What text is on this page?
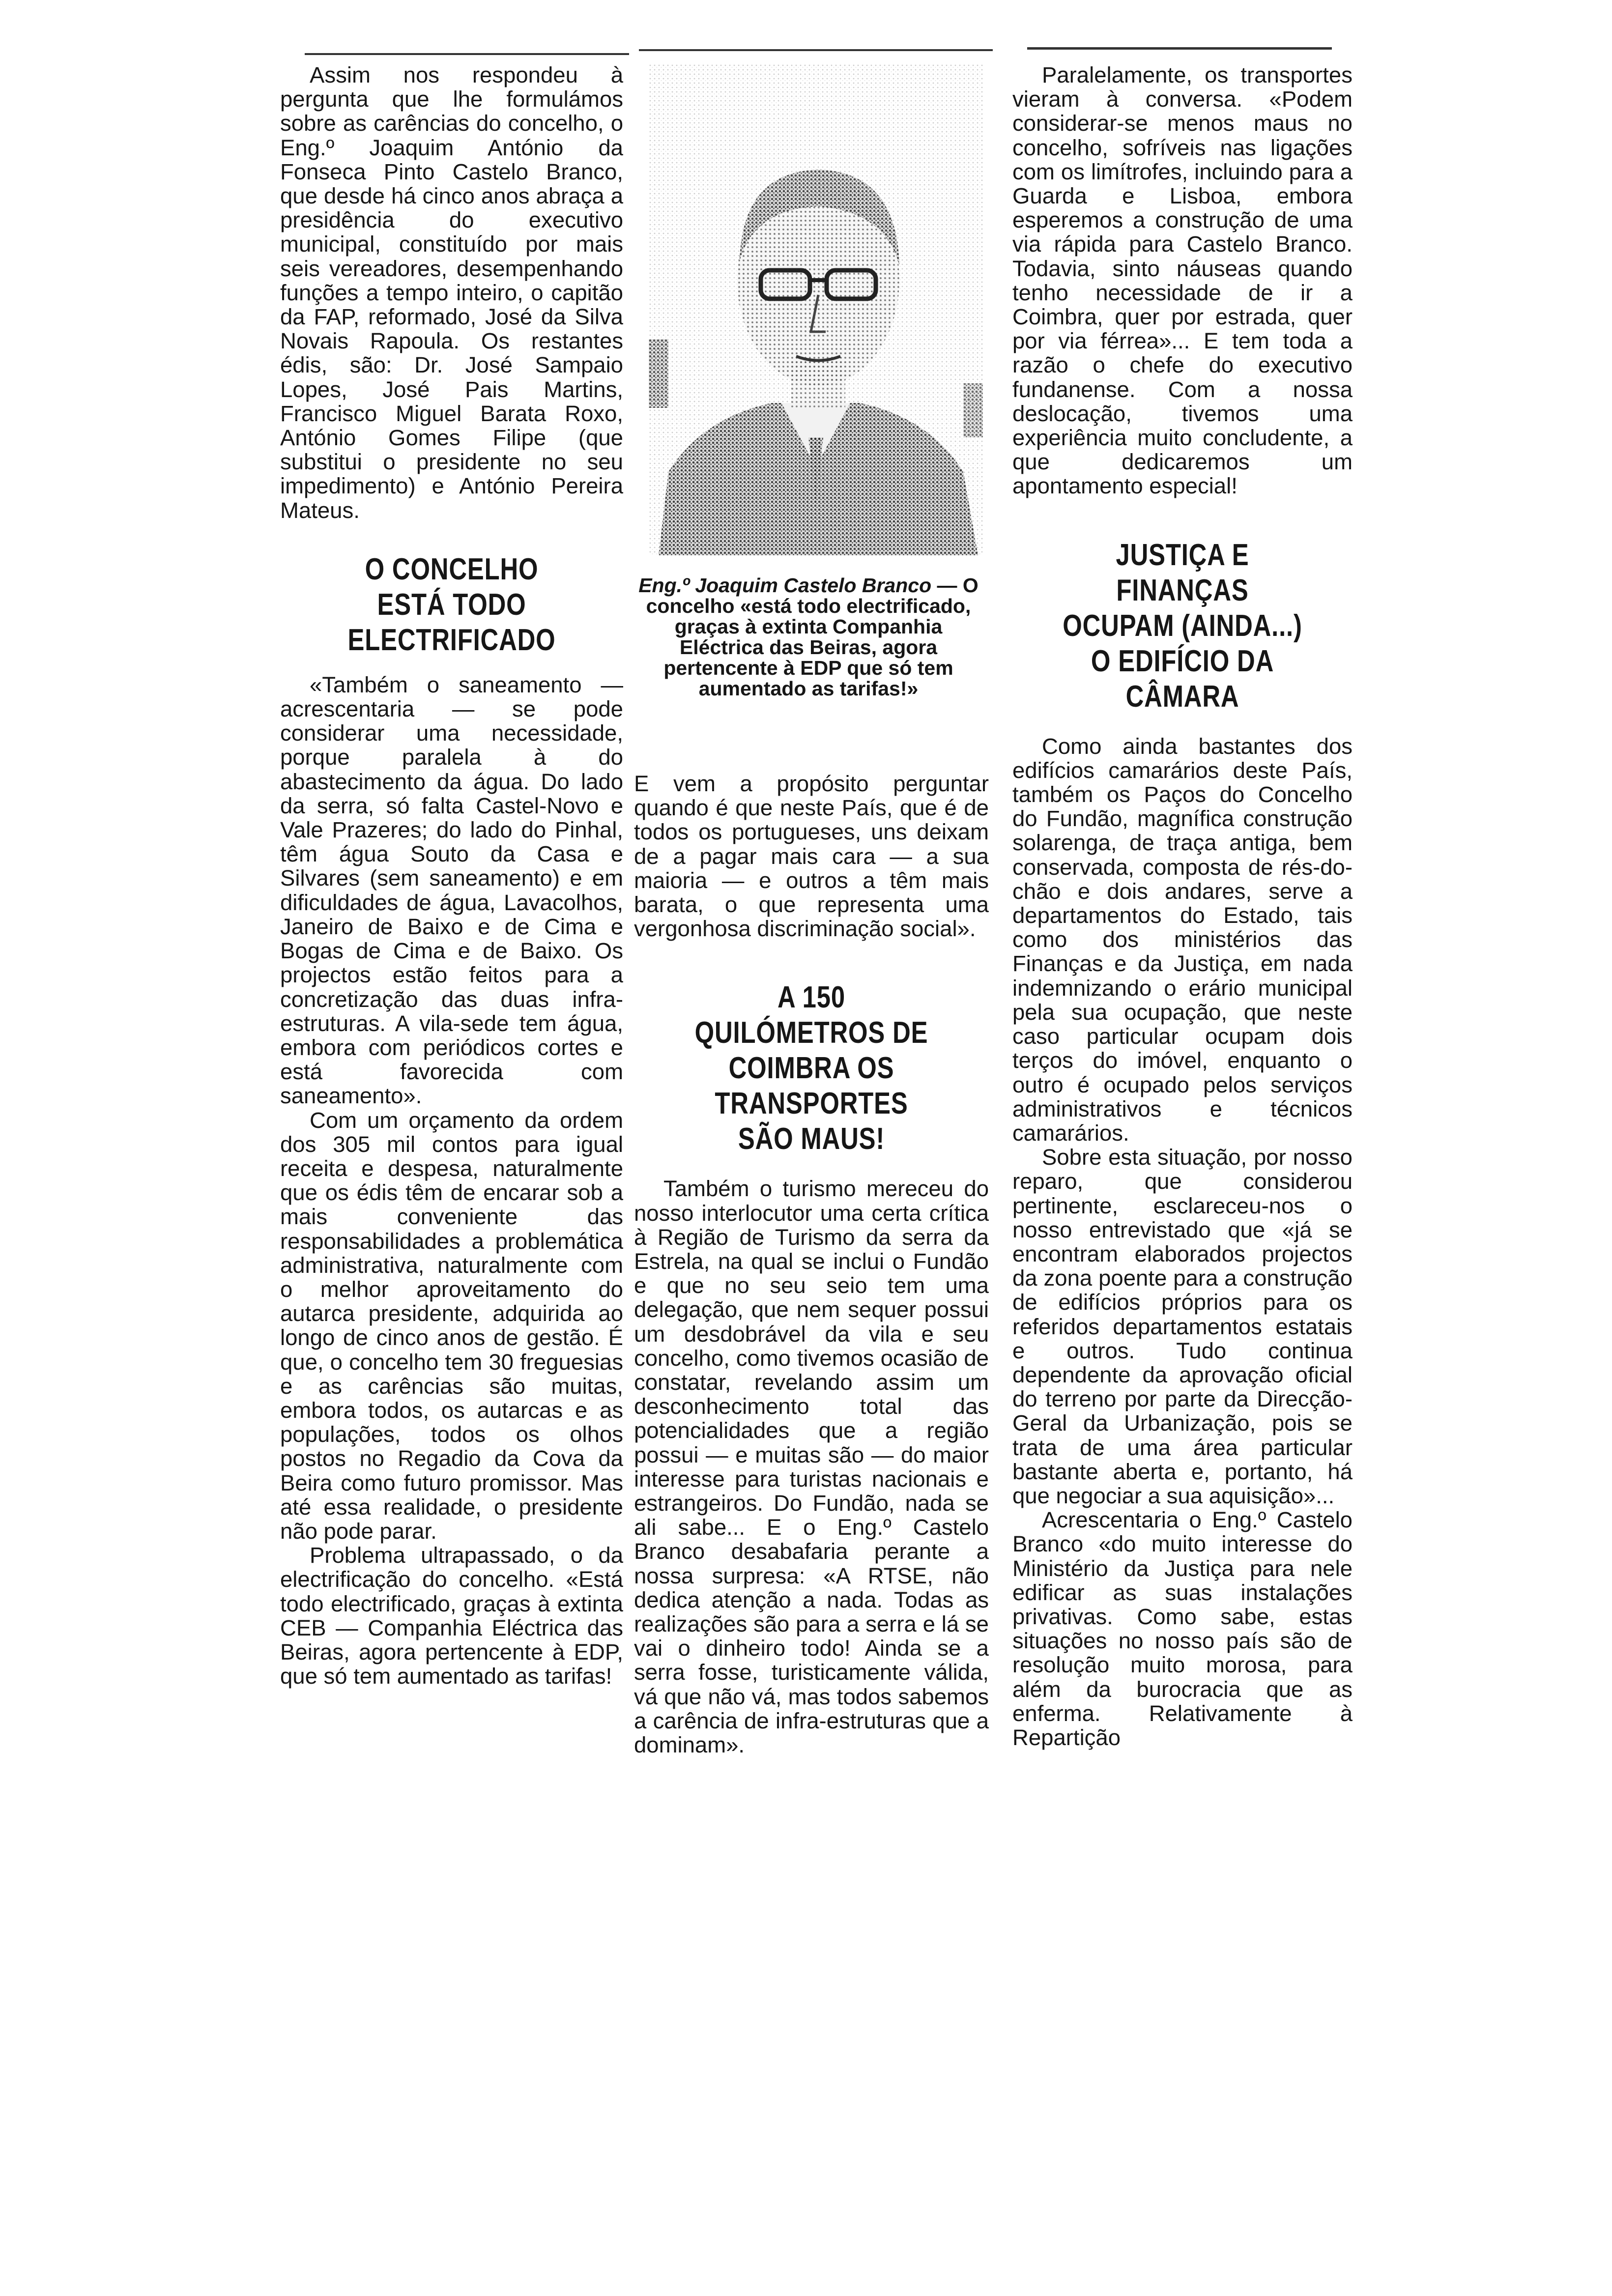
Assim nos respondeu à pergunta que lhe formulámos sobre as carências do concelho, o Eng.º Joaquim António da Fonseca Pinto Castelo Branco, que desde há cinco anos abraça a presidência do executivo municipal, constituído por mais seis vereadores, desempenhando funções a tempo inteiro, o capitão da FAP, reformado, José da Silva Novais Rapoula. Os restantes édis, são: Dr. José Sampaio Lopes, José Pais Martins, Francisco Miguel Barata Roxo, António Gomes Filipe (que substitui o presidente no seu impedimento) e António Pereira Mateus.

O CONCELHO ESTÁ TODO ELECTRIFICADO

«Também o saneamento — acrescentaria — se pode considerar uma necessidade, porque paralela à do abastecimento da água. Do lado da serra, só falta Castel-Novo e Vale Prazeres; do lado do Pinhal, têm água Souto da Casa e Silvares (sem saneamento) e em dificuldades de água, Lavacolhos, Janeiro de Baixo e de Cima e Bogas de Cima e de Baixo. Os projectos estão feitos para a concretização das duas infra-estruturas. A vila-sede tem água, embora com periódicos cortes e está favorecida com saneamento».

Com um orçamento da ordem dos 305 mil contos para igual receita e despesa, naturalmente que os édis têm de encarar sob a mais conveniente das responsabilidades a problemática administrativa, naturalmente com o melhor aproveitamento do autarca presidente, adquirida ao longo de cinco anos de gestão. É que, o concelho tem 30 freguesias e as carências são muitas, embora todos, os autarcas e as populações, todos os olhos postos no Regadio da Cova da Beira como futuro promissor. Mas até essa realidade, o presidente não pode parar.

Problema ultrapassado, o da electrificação do concelho. «Está todo electrificado, graças à extinta CEB — Companhia Eléctrica das Beiras, agora pertencente à EDP, que só tem aumentado as tarifas!

Eng.º Joaquim Castelo Branco — O concelho «está todo electrificado, graças à extinta Companhia Eléctrica das Beiras, agora pertencente à EDP que só tem aumentado as tarifas!»

E vem a propósito perguntar quando é que neste País, que é de todos os portugueses, uns deixam de a pagar mais cara — a sua maioria — e outros a têm mais barata, o que representa uma vergonhosa discriminação social».

A 150 QUILÓMETROS DE COIMBRA OS TRANSPORTES SÃO MAUS!

Também o turismo mereceu do nosso interlocutor uma certa crítica à Região de Turismo da serra da Estrela, na qual se inclui o Fundão e que no seu seio tem uma delegação, que nem sequer possui um desdobrável da vila e seu concelho, como tivemos ocasião de constatar, revelando assim um desconhecimento total das potencialidades que a região possui — e muitas são — do maior interesse para turistas nacionais e estrangeiros. Do Fundão, nada se ali sabe... E o Eng.º Castelo Branco desabafaria perante a nossa surpresa: «A RTSE, não dedica atenção a nada. Todas as realizações são para a serra e lá se vai o dinheiro todo! Ainda se a serra fosse, turisticamente válida, vá que não vá, mas todos sabemos a carência de infra-estruturas que a dominam».

Paralelamente, os transportes vieram à conversa. «Podem considerar-se menos maus no concelho, sofríveis nas ligações com os limítrofes, incluindo para a Guarda e Lisboa, embora esperemos a construção de uma via rápida para Castelo Branco. Todavia, sinto náuseas quando tenho necessidade de ir a Coimbra, quer por estrada, quer por via férrea»... E tem toda a razão o chefe do executivo fundanense. Com a nossa deslocação, tivemos uma experiência muito concludente, a que dedicaremos um apontamento especial!

JUSTIÇA E FINANÇAS OCUPAM (AINDA...) O EDIFÍCIO DA CÂMARA

Como ainda bastantes dos edifícios camarários deste País, também os Paços do Concelho do Fundão, magnífica construção solarenga, de traça antiga, bem conservada, composta de rés-do-chão e dois andares, serve a departamentos do Estado, tais como dos ministérios das Finanças e da Justiça, em nada indemnizando o erário municipal pela sua ocupação, que neste caso particular ocupam dois terços do imóvel, enquanto o outro é ocupado pelos serviços administrativos e técnicos camarários.

Sobre esta situação, por nosso reparo, que considerou pertinente, esclareceu-nos o nosso entrevistado que «já se encontram elaborados projectos da zona poente para a construção de edifícios próprios para os referidos departamentos estatais e outros. Tudo continua dependente da aprovação oficial do terreno por parte da Direcção-Geral da Urbanização, pois se trata de uma área particular bastante aberta e, portanto, há que negociar a sua aquisição»...

Acrescentaria o Eng.º Castelo Branco «do muito interesse do Ministério da Justiça para nele edificar as suas instalações privativas. Como sabe, estas situações no nosso país são de resolução muito morosa, para além da burocracia que as enferma. Relativamente à Repartição
